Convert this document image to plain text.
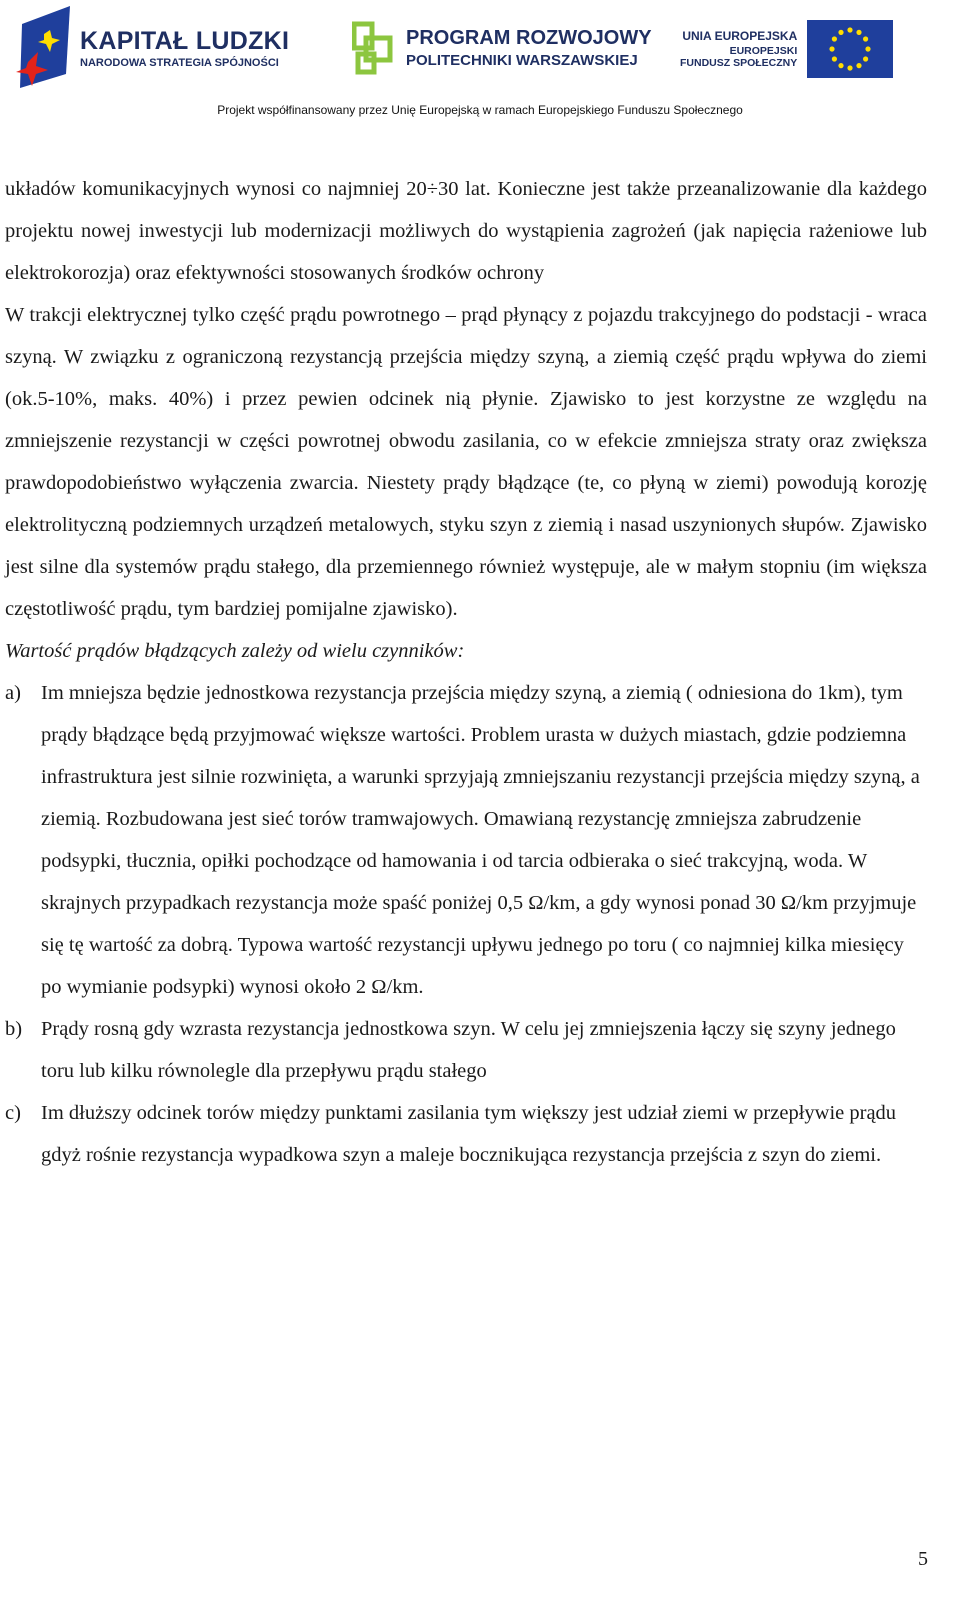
KAPITAŁ LUDZKI
NARODOWA STRATEGIA SPÓJNOŚCI
PROGRAM ROZWOJOWY
POLITECHNIKI WARSZAWSKIEJ
UNIA EUROPEJSKA
EUROPEJSKI
FUNDUSZ SPOŁECZNY
Projekt współfinansowany przez Unię Europejską w ramach Europejskiego Funduszu Społecznego

układów komunikacyjnych wynosi co najmniej 20÷30 lat. Konieczne jest także przeanalizowanie dla każdego projektu nowej inwestycji lub modernizacji możliwych do wystąpienia zagrożeń (jak napięcia rażeniowe lub elektrokorozja) oraz efektywności stosowanych środków ochrony

W trakcji elektrycznej tylko część prądu powrotnego – prąd płynący z pojazdu trakcyjnego do podstacji - wraca szyną. W związku z ograniczoną rezystancją przejścia między szyną, a ziemią część prądu wpływa do ziemi (ok.5-10%, maks. 40%) i przez pewien odcinek nią płynie. Zjawisko to jest korzystne ze względu na zmniejszenie rezystancji w części powrotnej obwodu zasilania, co w efekcie zmniejsza straty oraz zwiększa prawdopodobieństwo wyłączenia zwarcia. Niestety prądy błądzące (te, co płyną w ziemi) powodują korozję elektrolityczną podziemnych urządzeń metalowych, styku szyn z ziemią i nasad uszynionych słupów. Zjawisko jest silne dla systemów prądu stałego, dla przemiennego również występuje, ale w małym stopniu (im większa częstotliwość prądu, tym bardziej pomijalne zjawisko).

Wartość prądów błądzących zależy od wielu czynników:

a) Im mniejsza będzie jednostkowa rezystancja przejścia między szyną, a ziemią ( odniesiona do 1km), tym prądy błądzące będą przyjmować większe wartości. Problem urasta w dużych miastach, gdzie podziemna infrastruktura jest silnie rozwinięta, a warunki sprzyjają zmniejszaniu rezystancji przejścia między szyną, a ziemią. Rozbudowana jest sieć torów tramwajowych. Omawianą rezystancję zmniejsza zabrudzenie podsypki, tłucznia, opiłki pochodzące od hamowania i od tarcia odbieraka o sieć trakcyjną, woda. W skrajnych przypadkach rezystancja może spaść poniżej 0,5 Ω/km, a gdy wynosi ponad 30 Ω/km przyjmuje się tę wartość za dobrą. Typowa wartość rezystancji upływu jednego po toru ( co najmniej kilka miesięcy po wymianie podsypki) wynosi około 2 Ω/km.
b) Prądy rosną gdy wzrasta rezystancja jednostkowa szyn. W celu jej zmniejszenia łączy się szyny jednego toru lub kilku równolegle dla przepływu prądu stałego
c) Im dłuższy odcinek torów między punktami zasilania tym większy jest udział ziemi w przepływie prądu gdyż rośnie rezystancja wypadkowa szyn a maleje bocznikująca rezystancja przejścia z szyn do ziemi.
5
